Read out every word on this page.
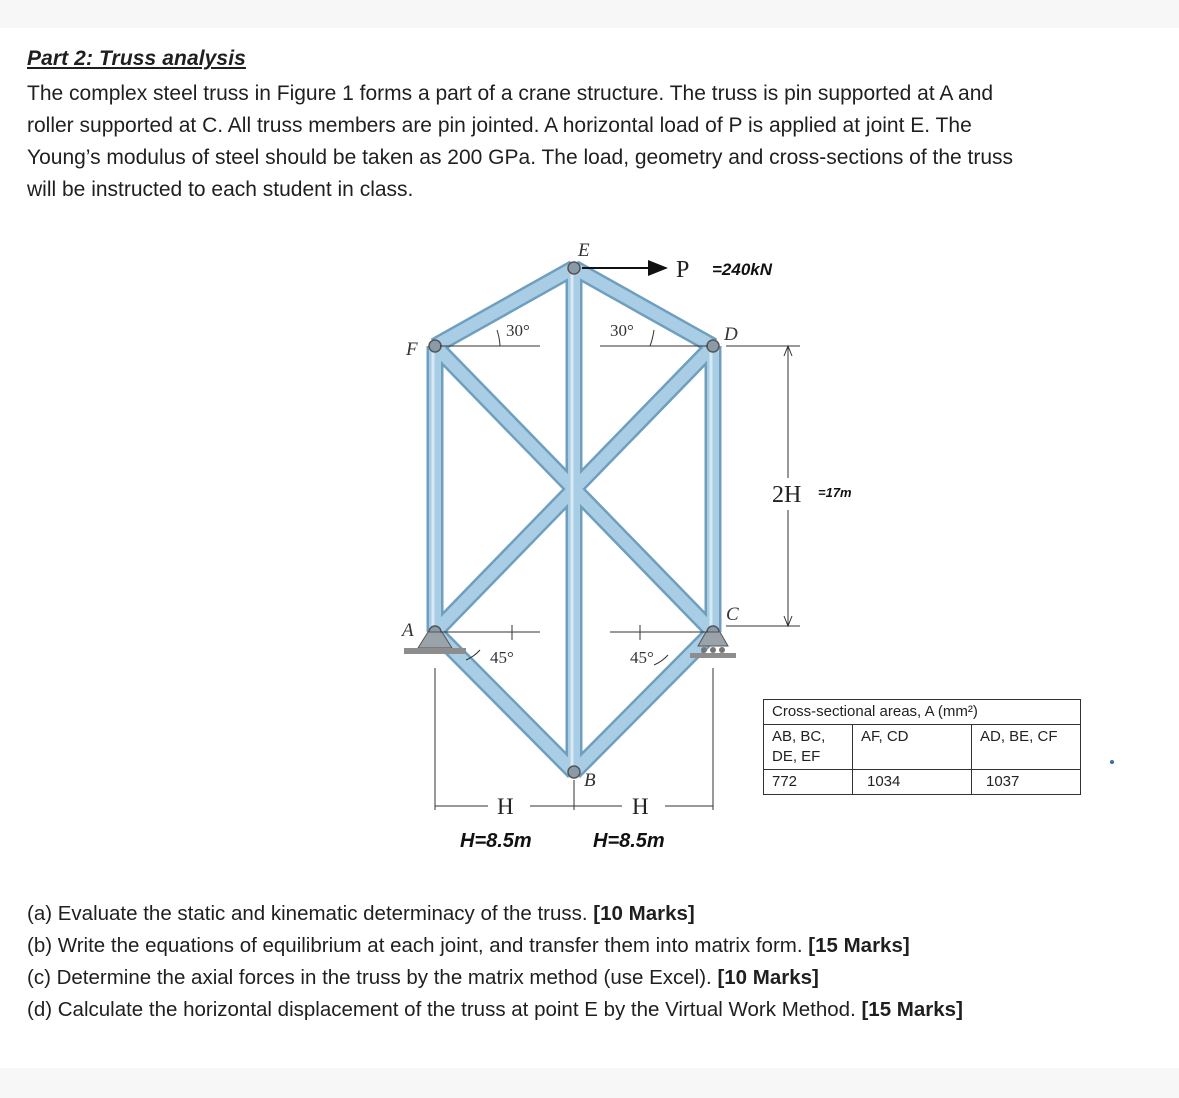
Part 2: Truss analysis
The complex steel truss in Figure 1 forms a part of a crane structure. The truss is pin supported at A and
roller supported at C. All truss members are pin jointed. A horizontal load of P is applied at joint E. The
Young’s modulus of steel should be taken as 200 GPa. The load, geometry and cross-sections of the truss
will be instructed to each student in class.
E
F
D
A
C
B
P =240kN
30°	30°
45°	45°
2H =17m
H	H
H=8.5m	H=8.5m
Cross-sectional areas, A (mm²)		
AB, BC, DE, EF	AF, CD	AD, BE, CF
772	1034	1037
(a) Evaluate the static and kinematic determinacy of the truss. [10 Marks]
(b) Write the equations of equilibrium at each joint, and transfer them into matrix form. [15 Marks]
(c) Determine the axial forces in the truss by the matrix method (use Excel). [10 Marks]
(d) Calculate the horizontal displacement of the truss at point E by the Virtual Work Method. [15 Marks]
